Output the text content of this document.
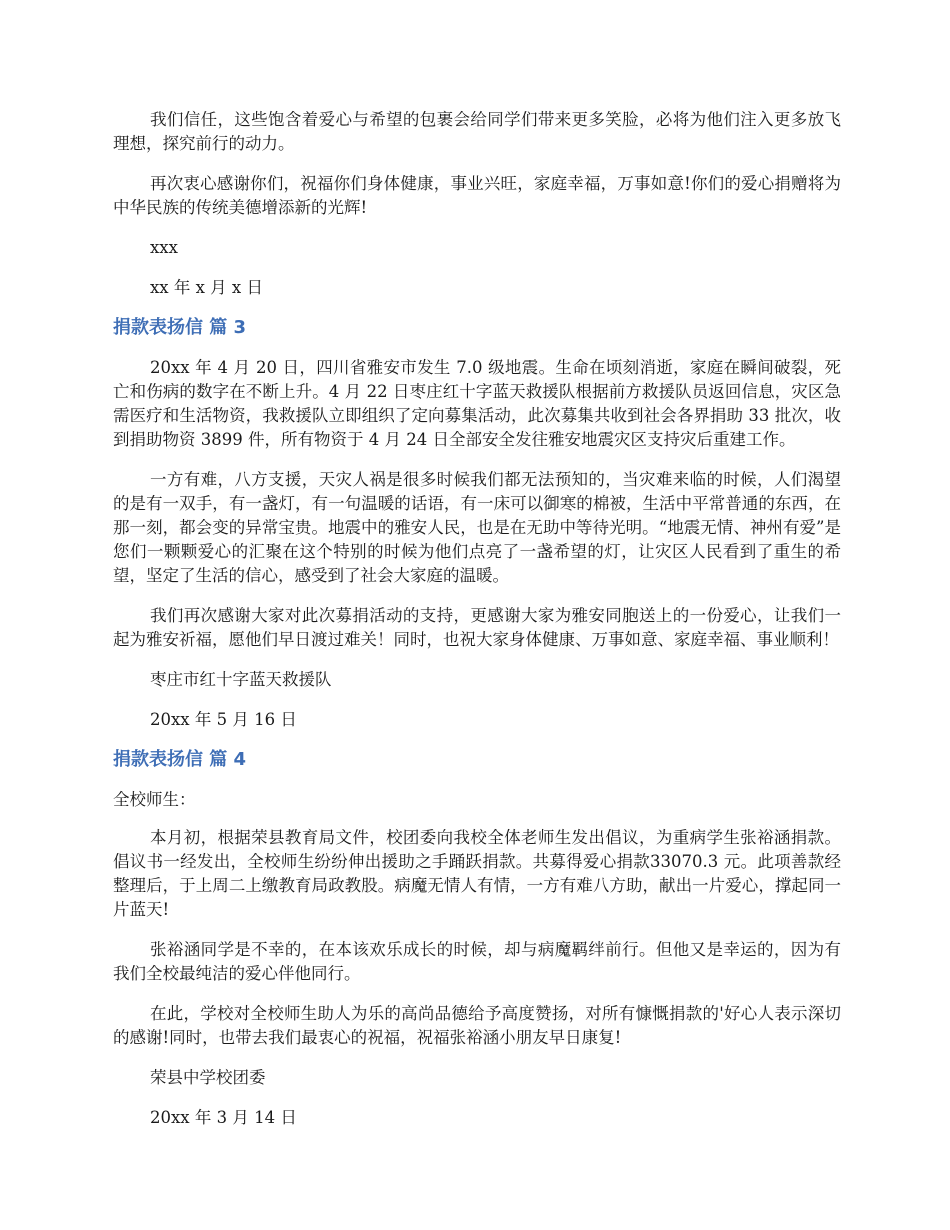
我们信任，这些饱含着爱心与希望的包裹会给同学们带来更多笑脸，必将为他们注入更多放飞理想，探究前行的动力。

再次衷心感谢你们，祝福你们身体健康，事业兴旺，家庭幸福，万事如意!你们的爱心捐赠将为中华民族的传统美德增添新的光辉!

xxx

xx 年 x 月 x 日

捐款表扬信 篇 3

20xx 年 4 月 20 日，四川省雅安市发生 7.0 级地震。生命在顷刻消逝，家庭在瞬间破裂，死亡和伤病的数字在不断上升。4 月 22 日枣庄红十字蓝天救援队根据前方救援队员返回信息，灾区急需医疗和生活物资，我救援队立即组织了定向募集活动，此次募集共收到社会各界捐助 33 批次，收到捐助物资 3899 件，所有物资于 4 月 24 日全部安全发往雅安地震灾区支持灾后重建工作。

一方有难，八方支援，天灾人祸是很多时候我们都无法预知的，当灾难来临的时候，人们渴望的是有一双手，有一盏灯，有一句温暖的话语，有一床可以御寒的棉被，生活中平常普通的东西，在那一刻，都会变的异常宝贵。地震中的雅安人民，也是在无助中等待光明。“地震无情、神州有爱”是您们一颗颗爱心的汇聚在这个特别的时候为他们点亮了一盏希望的灯，让灾区人民看到了重生的希望，坚定了生活的信心，感受到了社会大家庭的温暖。

我们再次感谢大家对此次募捐活动的支持，更感谢大家为雅安同胞送上的一份爱心，让我们一起为雅安祈福，愿他们早日渡过难关！同时，也祝大家身体健康、万事如意、家庭幸福、事业顺利！

枣庄市红十字蓝天救援队

20xx 年 5 月 16 日

捐款表扬信 篇 4

全校师生：

本月初，根据荣县教育局文件，校团委向我校全体老师生发出倡议，为重病学生张裕涵捐款。倡议书一经发出，全校师生纷纷伸出援助之手踊跃捐款。共募得爱心捐款33070.3 元。此项善款经整理后，于上周二上缴教育局政教股。病魔无情人有情，一方有难八方助，献出一片爱心，撑起同一片蓝天!

张裕涵同学是不幸的，在本该欢乐成长的时候，却与病魔羁绊前行。但他又是幸运的，因为有我们全校最纯洁的爱心伴他同行。

在此，学校对全校师生助人为乐的高尚品德给予高度赞扬，对所有慷慨捐款的'好心人表示深切的感谢!同时，也带去我们最衷心的祝福，祝福张裕涵小朋友早日康复!

荣县中学校团委

20xx 年 3 月 14 日
